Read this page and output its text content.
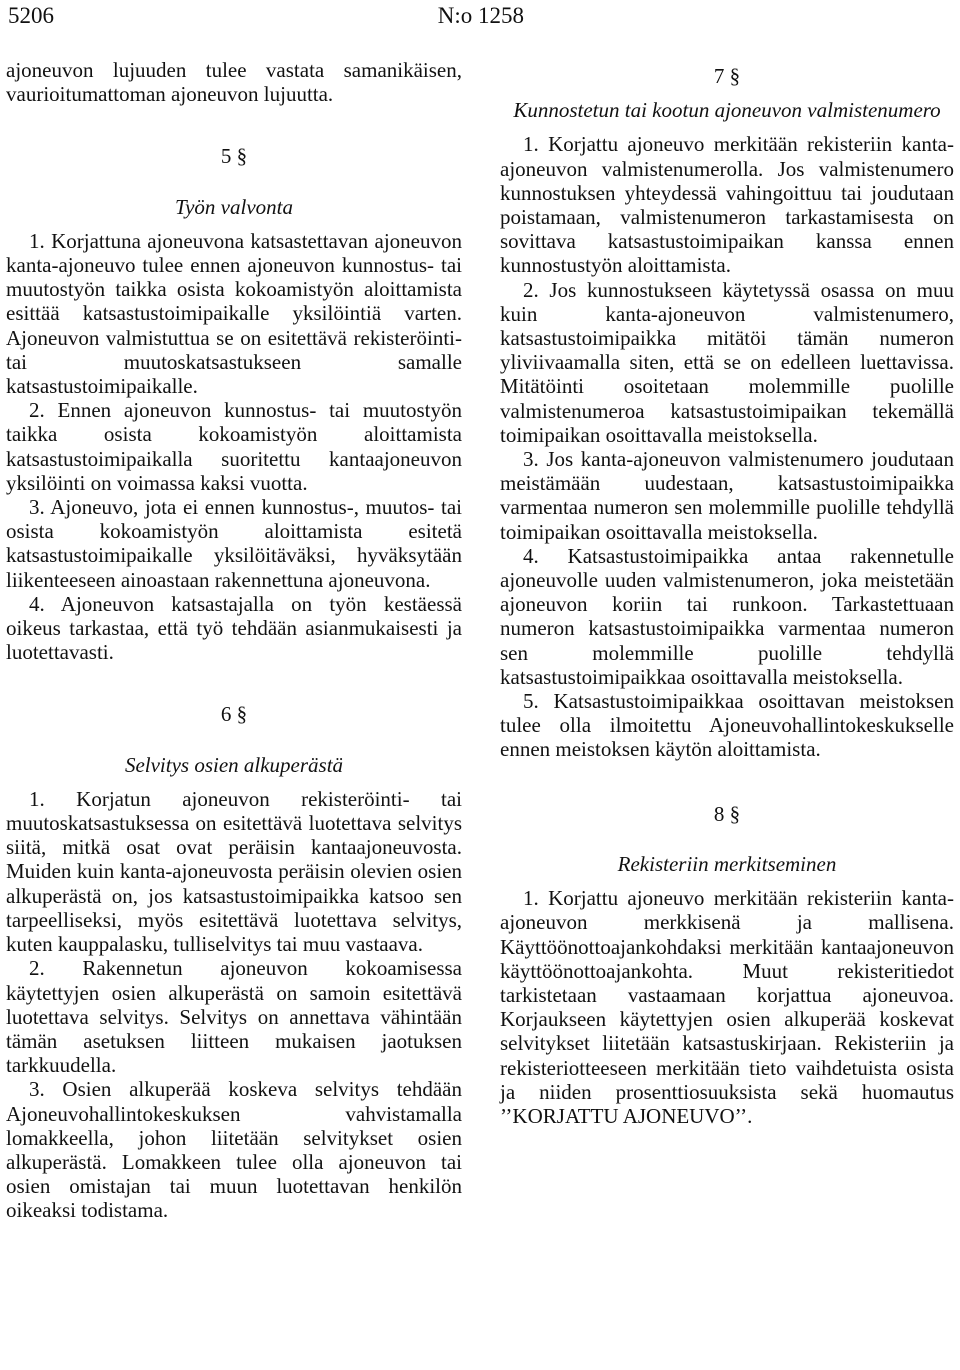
5206	N:o 1258

ajoneuvon lujuuden tulee vastata samanikäisen, vaurioitumattoman ajoneuvon lujuutta.

5 §

Työn valvonta

1. Korjattuna ajoneuvona katsastettavan ajoneuvon kanta-ajoneuvo tulee ennen ajoneuvon kunnostus- tai muutostyön taikka osista kokoamistyön aloittamista esittää katsastustoimipaikalle yksilöintiä varten. Ajoneuvon valmistuttua se on esitettävä rekisteröinti- tai muutoskatsastukseen samalle katsastustoimipaikalle.

2. Ennen ajoneuvon kunnostus- tai muutostyön taikka osista kokoamistyön aloittamista katsastustoimipaikalla suoritettu kantaajoneuvon yksilöinti on voimassa kaksi vuotta.

3. Ajoneuvo, jota ei ennen kunnostus-, muutos- tai osista kokoamistyön aloittamista esitetä katsastustoimipaikalle yksilöitäväksi, hyväksytään liikenteeseen ainoastaan rakennettuna ajoneuvona.

4. Ajoneuvon katsastajalla on työn kestäessä oikeus tarkastaa, että työ tehdään asianmukaisesti ja luotettavasti.

6 §

Selvitys osien alkuperästä

1. Korjatun ajoneuvon rekisteröinti- tai muutoskatsastuksessa on esitettävä luotettava selvitys siitä, mitkä osat ovat peräisin kantaajoneuvosta. Muiden kuin kanta-ajoneuvosta peräisin olevien osien alkuperästä on, jos katsastustoimipaikka katsoo sen tarpeelliseksi, myös esitettävä luotettava selvitys, kuten kauppalasku, tulliselvitys tai muu vastaava.

2. Rakennetun ajoneuvon kokoamisessa käytettyjen osien alkuperästä on samoin esitettävä luotettava selvitys. Selvitys on annettava vähintään tämän asetuksen liitteen mukaisen jaotuksen tarkkuudella.

3. Osien alkuperää koskeva selvitys tehdään Ajoneuvohallintokeskuksen vahvistamalla lomakkeella, johon liitetään selvitykset osien alkuperästä. Lomakkeen tulee olla ajoneuvon tai osien omistajan tai muun luotettavan henkilön oikeaksi todistama.

7 §

Kunnostetun tai kootun ajoneuvon valmistenumero

1. Korjattu ajoneuvo merkitään rekisteriin kanta-ajoneuvon valmistenumerolla. Jos valmistenumero kunnostuksen yhteydessä vahingoittuu tai joudutaan poistamaan, valmistenumeron tarkastamisesta on sovittava katsastustoimipaikan kanssa ennen kunnostustyön aloittamista.

2. Jos kunnostukseen käytetyssä osassa on muu kuin kanta-ajoneuvon valmistenumero, katsastustoimipaikka mitätöi tämän numeron yliviivaamalla siten, että se on edelleen luettavissa. Mitätöinti osoitetaan molemmille puolille valmistenumeroa katsastustoimipaikan tekemällä toimipaikan osoittavalla meistoksella.

3. Jos kanta-ajoneuvon valmistenumero joudutaan meistämään uudestaan, katsastustoimipaikka varmentaa numeron sen molemmille puolille tehdyllä toimipaikan osoittavalla meistoksella.

4. Katsastustoimipaikka antaa rakennetulle ajoneuvolle uuden valmistenumeron, joka meistetään ajoneuvon koriin tai runkoon. Tarkastettuaan numeron katsastustoimipaikka varmentaa numeron sen molemmille puolille tehdyllä katsastustoimipaikkaa osoittavalla meistoksella.

5. Katsastustoimipaikkaa osoittavan meistoksen tulee olla ilmoitettu Ajoneuvohallintokeskukselle ennen meistoksen käytön aloittamista.

8 §

Rekisteriin merkitseminen

1. Korjattu ajoneuvo merkitään rekisteriin kanta-ajoneuvon merkkisenä ja mallisena. Käyttöönottoajankohdaksi merkitään kantaajoneuvon käyttöönottoajankohta. Muut rekisteritiedot tarkistetaan vastaamaan korjattua ajoneuvoa. Korjaukseen käytettyjen osien alkuperää koskevat selvitykset liitetään katsastuskirjaan. Rekisteriin ja rekisteriotteeseen merkitään tieto vaihdetuista osista ja niiden prosenttiosuuksista sekä huomautus ’’KORJATTU AJONEUVO’’.
